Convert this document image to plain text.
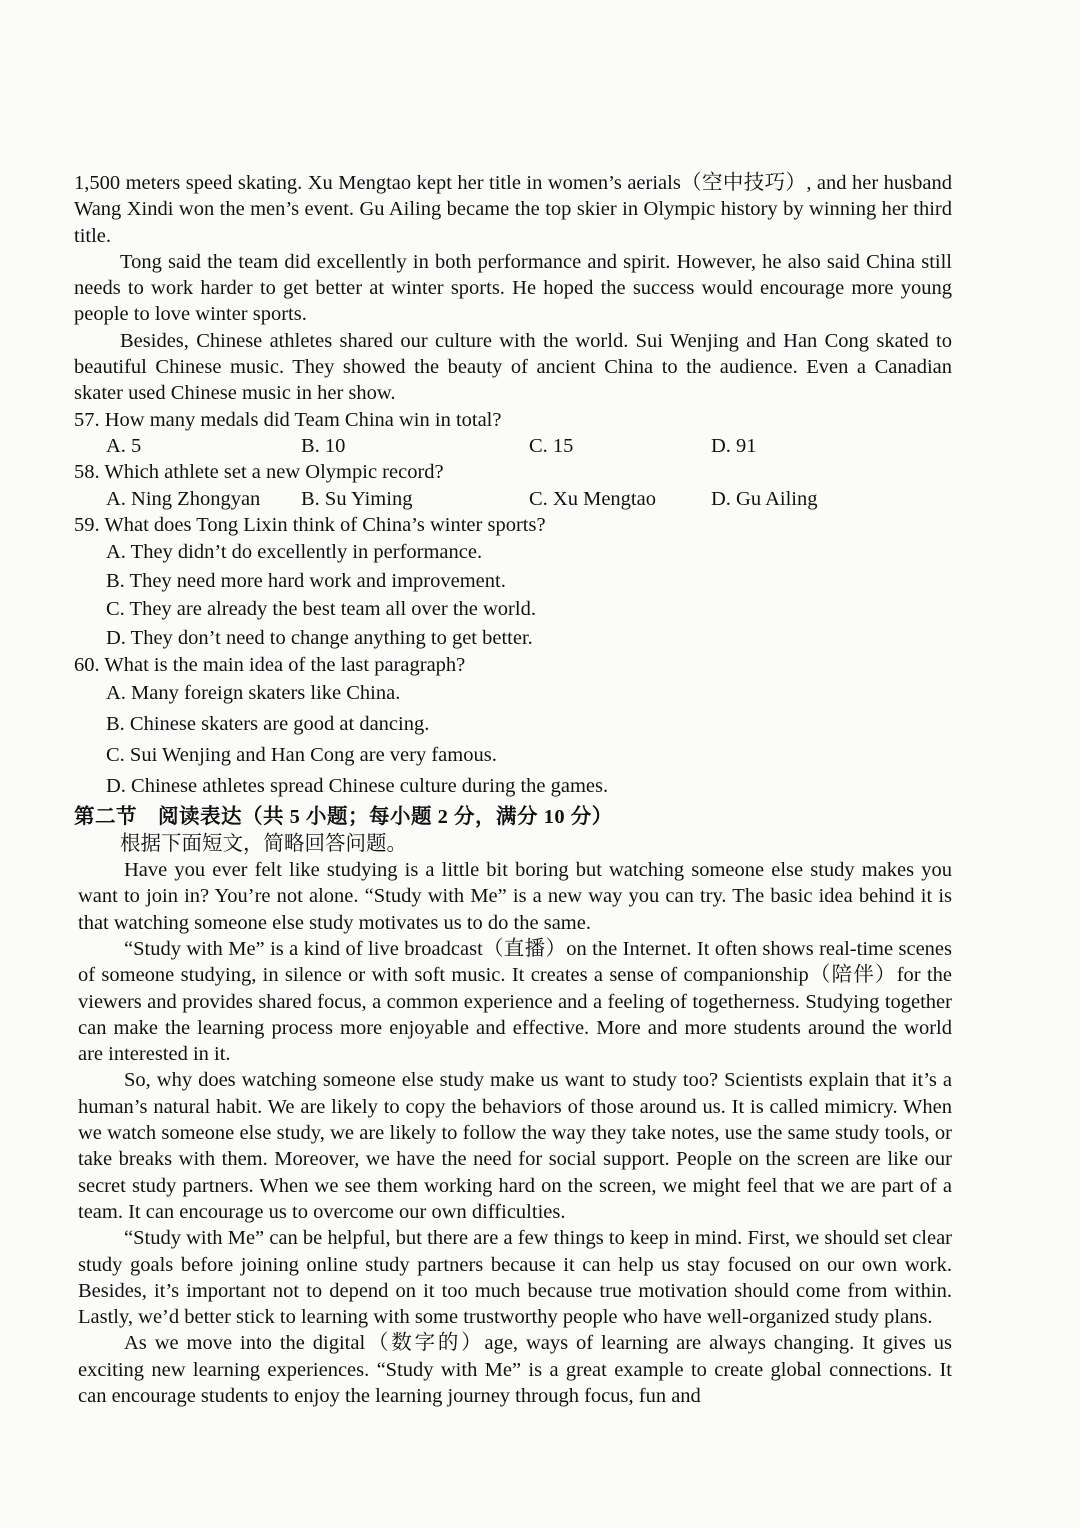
1,500 meters speed skating. Xu Mengtao kept her title in women’s aerials（空中技巧）, and her husband Wang Xindi won the men’s event. Gu Ailing became the top skier in Olympic history by winning her third title.

Tong said the team did excellently in both performance and spirit. However, he also said China still needs to work harder to get better at winter sports. He hoped the success would encourage more young people to love winter sports.

Besides, Chinese athletes shared our culture with the world. Sui Wenjing and Han Cong skated to beautiful Chinese music. They showed the beauty of ancient China to the audience. Even a Canadian skater used Chinese music in her show.

57. How many medals did Team China win in total?
A. 5	B. 10	C. 15	D. 91
58. Which athlete set a new Olympic record?
A. Ning Zhongyan	B. Su Yiming	C. Xu Mengtao	D. Gu Ailing
59. What does Tong Lixin think of China’s winter sports?
A. They didn’t do excellently in performance.
B. They need more hard work and improvement.
C. They are already the best team all over the world.
D. They don’t need to change anything to get better.
60. What is the main idea of the last paragraph?
A. Many foreign skaters like China.
B. Chinese skaters are good at dancing.
C. Sui Wenjing and Han Cong are very famous.
D. Chinese athletes spread Chinese culture during the games.
第二节　阅读表达（共 5 小题；每小题 2 分，满分 10 分）
根据下面短文，简略回答问题。

Have you ever felt like studying is a little bit boring but watching someone else study makes you want to join in? You’re not alone. “Study with Me” is a new way you can try. The basic idea behind it is that watching someone else study motivates us to do the same.

“Study with Me” is a kind of live broadcast（直播）on the Internet. It often shows real-time scenes of someone studying, in silence or with soft music. It creates a sense of companionship（陪伴）for the viewers and provides shared focus, a common experience and a feeling of togetherness. Studying together can make the learning process more enjoyable and effective. More and more students around the world are interested in it.

So, why does watching someone else study make us want to study too? Scientists explain that it’s a human’s natural habit. We are likely to copy the behaviors of those around us. It is called mimicry. When we watch someone else study, we are likely to follow the way they take notes, use the same study tools, or take breaks with them. Moreover, we have the need for social support. People on the screen are like our secret study partners. When we see them working hard on the screen, we might feel that we are part of a team. It can encourage us to overcome our own difficulties.

“Study with Me” can be helpful, but there are a few things to keep in mind. First, we should set clear study goals before joining online study partners because it can help us stay focused on our own work. Besides, it’s important not to depend on it too much because true motivation should come from within. Lastly, we’d better stick to learning with some trustworthy people who have well-organized study plans.

As we move into the digital（数字的）age, ways of learning are always changing. It gives us exciting new learning experiences. “Study with Me” is a great example to create global connections. It can encourage students to enjoy the learning journey through focus, fun and
